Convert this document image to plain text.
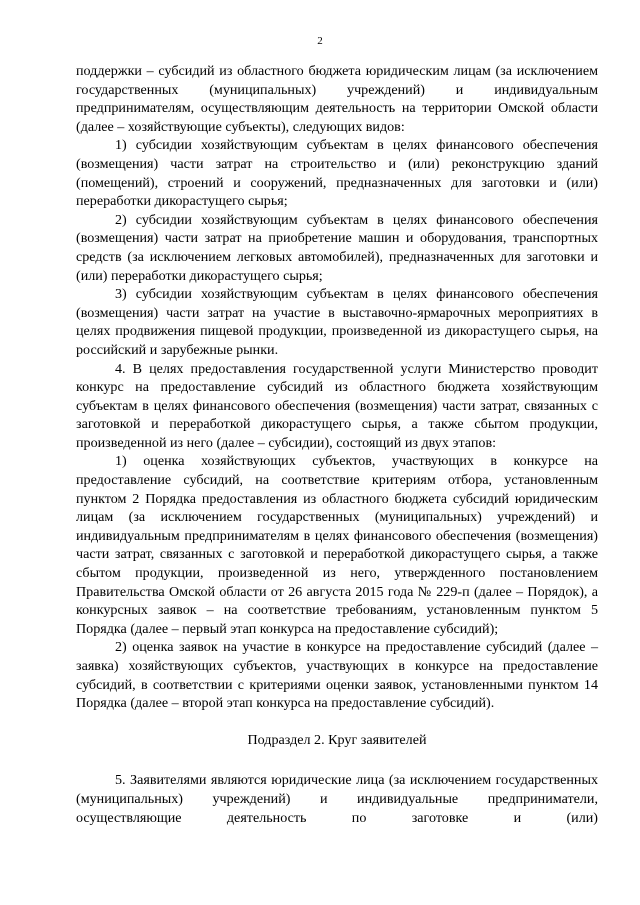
2

поддержки – субсидий из областного бюджета юридическим лицам (за исключением государственных (муниципальных) учреждений) и индивидуальным предпринимателям, осуществляющим деятельность на территории Омской области (далее – хозяйствующие субъекты), следующих видов:

1) субсидии хозяйствующим субъектам в целях финансового обеспечения (возмещения) части затрат на строительство и (или) реконструкцию зданий (помещений), строений и сооружений, предназначенных для заготовки и (или) переработки дикорастущего сырья;

2) субсидии хозяйствующим субъектам в целях финансового обеспечения (возмещения) части затрат на приобретение машин и оборудования, транспортных средств (за исключением легковых автомобилей), предназначенных для заготовки и (или) переработки дикорастущего сырья;

3) субсидии хозяйствующим субъектам в целях финансового обеспечения (возмещения) части затрат на участие в выставочно-ярмарочных мероприятиях в целях продвижения пищевой продукции, произведенной из дикорастущего сырья, на российский и зарубежные рынки.

4. В целях предоставления государственной услуги Министерство проводит конкурс на предоставление субсидий из областного бюджета хозяйствующим субъектам в целях финансового обеспечения (возмещения) части затрат, связанных с заготовкой и переработкой дикорастущего сырья, а также сбытом продукции, произведенной из него (далее – субсидии), состоящий из двух этапов:

1) оценка хозяйствующих субъектов, участвующих в конкурсе на предоставление субсидий, на соответствие критериям отбора, установленным пунктом 2 Порядка предоставления из областного бюджета субсидий юридическим лицам (за исключением государственных (муниципальных) учреждений) и индивидуальным предпринимателям в целях финансового обеспечения (возмещения) части затрат, связанных с заготовкой и переработкой дикорастущего сырья, а также сбытом продукции, произведенной из него, утвержденного постановлением Правительства Омской области от 26 августа 2015 года № 229-п (далее – Порядок), а конкурсных заявок – на соответствие требованиям, установленным пунктом 5 Порядка (далее – первый этап конкурса на предоставление субсидий);

2) оценка заявок на участие в конкурсе на предоставление субсидий (далее – заявка) хозяйствующих субъектов, участвующих в конкурсе на предоставление субсидий, в соответствии с критериями оценки заявок, установленными пунктом 14 Порядка (далее – второй этап конкурса на предоставление субсидий).

Подраздел 2. Круг заявителей

5. Заявителями являются юридические лица (за исключением государственных (муниципальных) учреждений) и индивидуальные предприниматели, осуществляющие деятельность по заготовке и (или)
